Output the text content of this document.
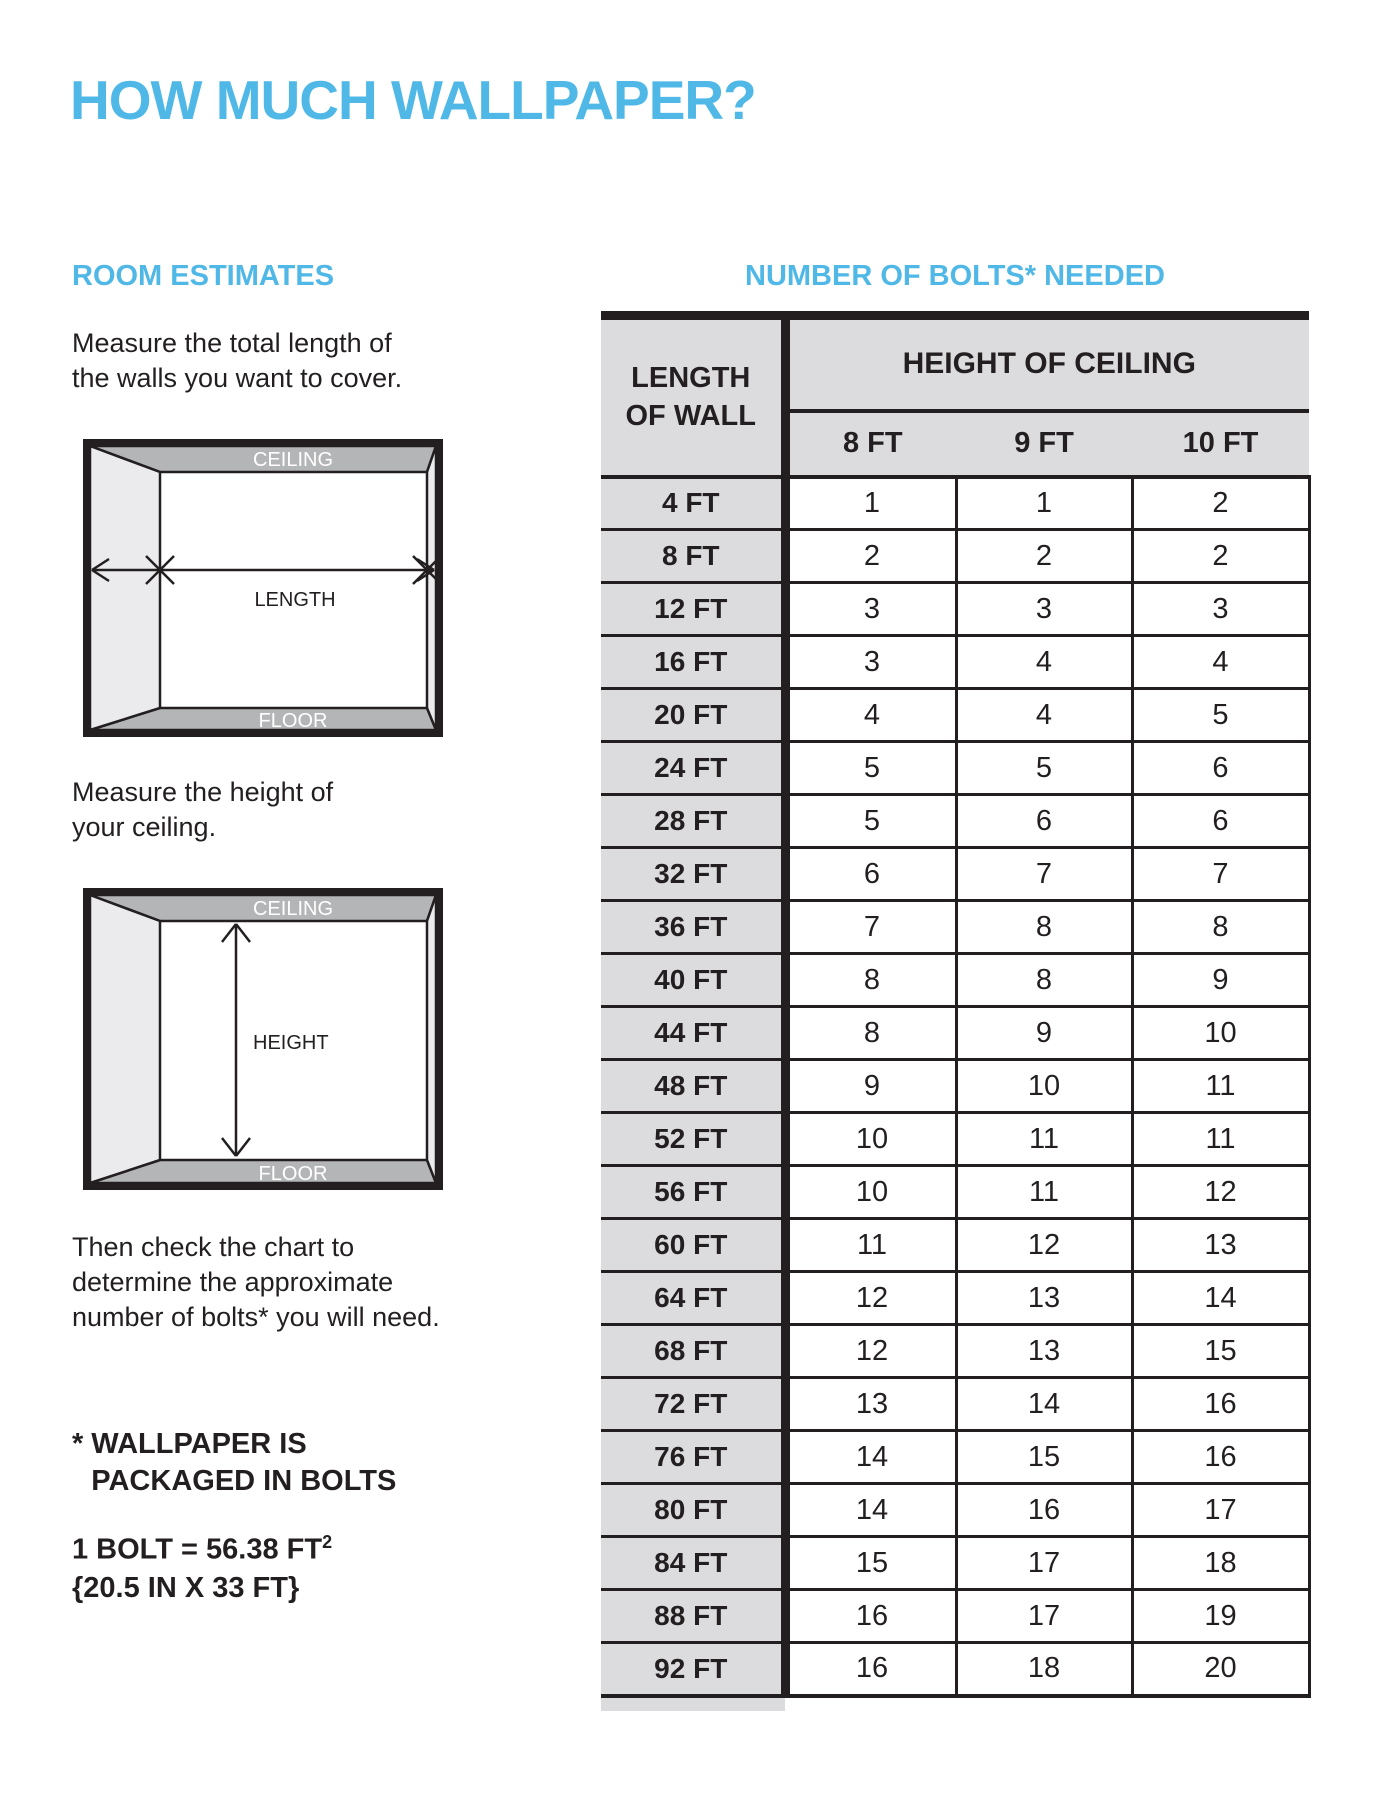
HOW MUCH WALLPAPER?
ROOM ESTIMATES	NUMBER OF BOLTS* NEEDED
Measure the total length of
the walls you want to cover.
CEILING
FLOOR
LENGTH
Measure the height of
your ceiling.
CEILING
FLOOR
HEIGHT
Then check the chart to
determine the approximate
number of bolts* you will need.
* WALLPAPER IS
PACKAGED IN BOLTS
1 BOLT = 56.38 $FT^2$
{20.5 IN X 33 FT}
LENGTH
OF WALL	HEIGHT OF CEILING		
	8 FT	9 FT	10 FT
4 FT	1	1	2
8 FT	2	2	2
12 FT	3	3	3
16 FT	3	4	4
20 FT	4	4	5
24 FT	5	5	6
28 FT	5	6	6
32 FT	6	7	7
36 FT	7	8	8
40 FT	8	8	9
44 FT	8	9	10
48 FT	9	10	11
52 FT	10	11	11
56 FT	10	11	12
60 FT	11	12	13
64 FT	12	13	14
68 FT	12	13	15
72 FT	13	14	16
76 FT	14	15	16
80 FT	14	16	17
84 FT	15	17	18
88 FT	16	17	19
92 FT	16	18	20
